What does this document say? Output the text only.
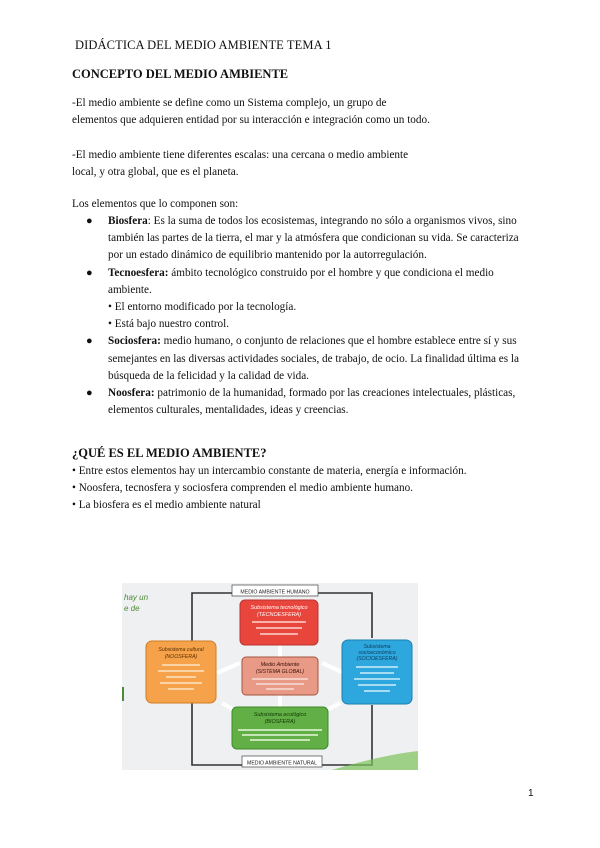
DIDÁCTICA DEL MEDIO AMBIENTE TEMA 1
CONCEPTO DEL MEDIO AMBIENTE
-El medio ambiente se define como un Sistema complejo, un grupo de elementos que adquieren entidad por su interacción e integración como un todo.
-El medio ambiente tiene diferentes escalas: una cercana o medio ambiente local, y otra global, que es el planeta.
Los elementos que lo componen son:
● Biosfera: Es la suma de todos los ecosistemas, integrando no sólo a organismos vivos, sino también las partes de la tierra, el mar y la atmósfera que condicionan su vida. Se caracteriza por un estado dinámico de equilibrio mantenido por la autorregulación.
● Tecnoesfera: ámbito tecnológico construido por el hombre y que condiciona el medio ambiente.
• El entorno modificado por la tecnología.
• Está bajo nuestro control.
● Sociosfera: medio humano, o conjunto de relaciones que el hombre establece entre sí y sus semejantes en las diversas actividades sociales, de trabajo, de ocio. La finalidad última es la búsqueda de la felicidad y la calidad de vida.
● Noosfera: patrimonio de la humanidad, formado por las creaciones intelectuales, plásticas, elementos culturales, mentalidades, ideas y creencias.
¿QUÉ ES EL MEDIO AMBIENTE?
• Entre estos elementos hay un intercambio constante de materia, energía e información.
• Noosfera, tecnosfera y sociosfera comprenden el medio ambiente humano.
• La biosfera es el medio ambiente natural
hay un
e de
MEDIO AMBIENTE HUMANO
MEDIO AMBIENTE NATURAL
Subsistema tecnológico
(TECNOESFERA)
Subsistema cultural
(NOOSFERA)
Subsistema
socioeconómico
(SOCIOESFERA)
Medio Ambiente
(SISTEMA GLOBAL)
Subsistema ecológico
(BIOSFERA)
1
